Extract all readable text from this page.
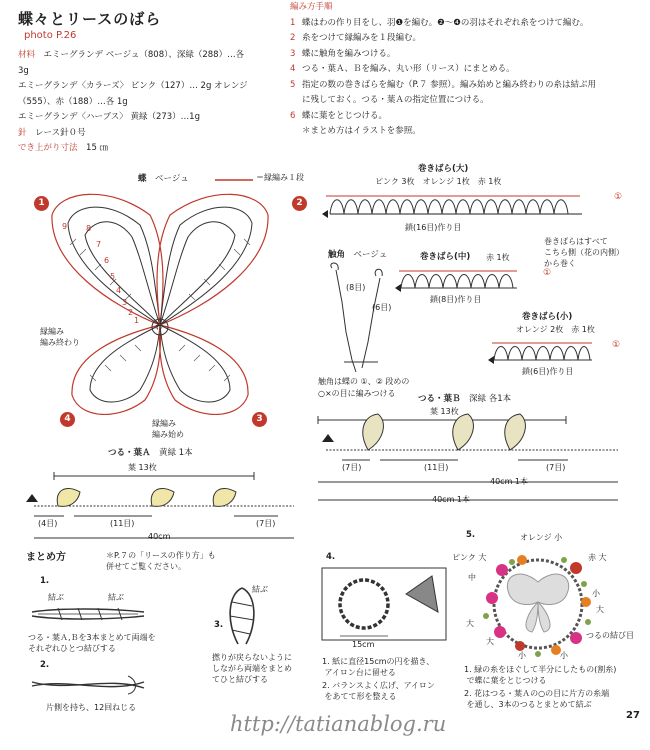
蝶々とリースのばら
photo P.26
材料　 エミーグランデ ベージュ（808）、深緑（288）…各
3g
エミーグランデ〈カラーズ〉 ピンク（127）… 2g オレンジ
（555）、赤（188）…各 1g
エミーグランデ〈ハーブス〉 黄緑（273）…1g
針　 レース針０号
でき上がり寸法　 15 ㎝
編み方手順
1 蝶はわの作り目をし、羽❶を編む。❷～❹の羽はそれぞれ糸をつけて編む。
2 糸をつけて縁編みを１段編む。
3 蝶に触角を編みつける。
4 つる・葉Ａ、Ｂを編み、丸い形（リース）にまとめる。
5 指定の数の巻きばらを編む（P.７ 参照）。編み始めと編み終わりの糸は結ぶ用
に残しておく。つる・葉Ａの指定位置につける。
6 蝶に葉をとじつける。
＊まとめ方はイラストを参照。
蝶　 ベージュ	＝縁編み１段
わ
1	2
3
4
9 8
7
6
5
4
3
2
1
縁編み
編み終わり
縁編み
編み始め
巻きばら(大)
ピンク 3枚　オレンジ 1枚　赤 1枚
鎖(16目)作り目
①
巻きばらはすべて
こちら側（花の内側）
から巻く
巻きばら(中) 赤 1枚
鎖(8目)作り目
①
巻きばら(小)
オレンジ 2枚　赤 1枚
鎖(6目)作り目
①
触角　 ベージュ
(8目)
(6目)
触角は蝶の ①、② 段めの
○×の目に編みつける
つる・葉Ｂ　 深緑 各1本
葉 13枚
(7目)	(11目)	(7目)
40cm 1本
40cm 1本
つる・葉Ａ　 黄緑 1本
葉 13枚
(4目)	(11目)	(7目)
40cm
まとめ方	＊P.７の「リースの作り方」も
併せてご覧ください。
1.
結ぶ	結ぶ
つる・葉Ａ,Ｂを3本まとめて両端を
それぞれひとつ結びする
2.
片側を持ち、12回ねじる
3.
結ぶ
撚りが戻らないように
しながら両端をまとめ
てひと結びする
4.
15cm
1. 紙に直径15cmの円を描き、
アイロン台に留せる
2. バランスよく広げ、アイロン
をあてて形を整える
5.	オレンジ 小
ピンク 大
中
赤 大
小
大
大
大
小	小
つるの結び目
1. 緑の糸をほぐして半分にしたもの(割糸)
で蝶に葉をとじつける
2. 花はつる・葉Ａの○の目に片方の糸端
を通し、3本のつるとまとめて結ぶ
http://tatianablog.ru	27
